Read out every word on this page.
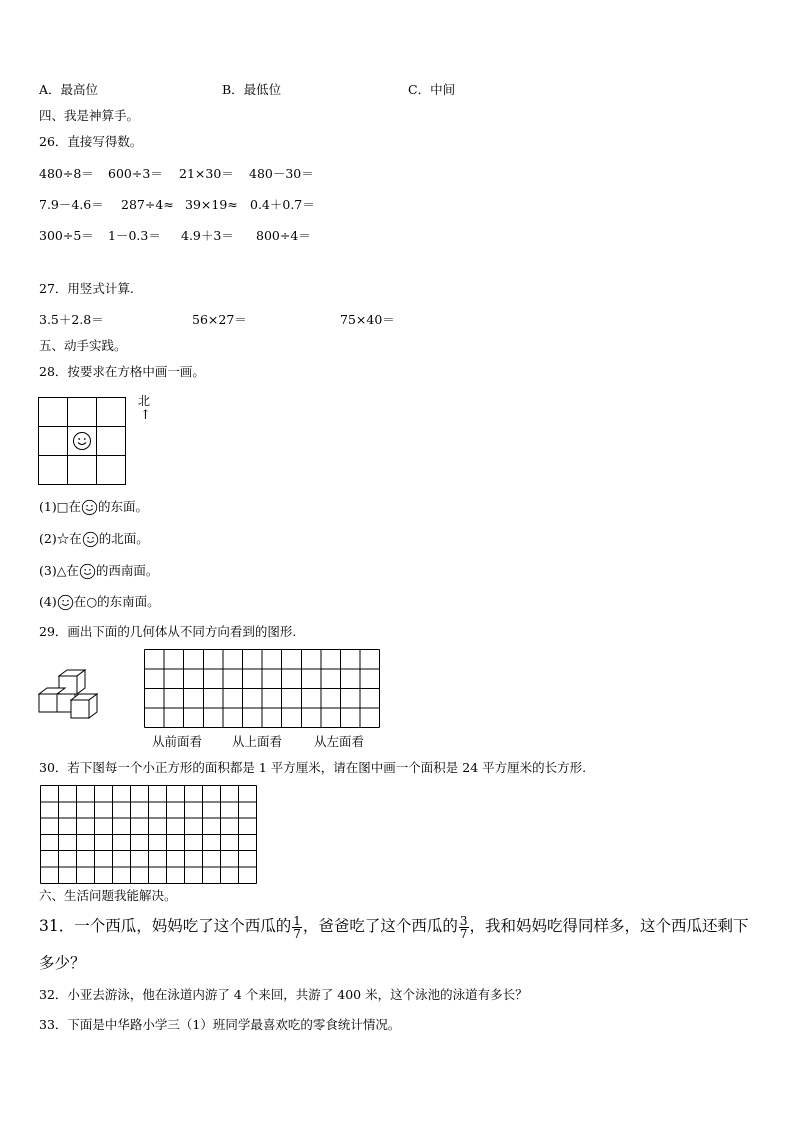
A．最高位	B．最低位	C．中间
四、我是神算手。
26．直接写得数。
480÷8＝ 600÷3＝ 21×30＝ 480－30＝
7.9－4.6＝ 287÷4≈ 39×19≈ 0.4＋0.7＝
300÷5＝ 1－0.3＝ 4.9＋3＝ 800÷4＝
27．用竖式计算.
3.5＋2.8＝	56×27＝	75×40＝
五、动手实践。
28．按要求在方格中画一画。

北
↑
(1)□在 的东面。
(2)☆在 的北面。
(3)△在 的西南面。
(4) 在○的东南面。
29．画出下面的几何体从不同方向看到的图形.
从前面看 从上面看	从左面看
30．若下图每一个小正方形的面积都是 1 平方厘米，请在图中画一个面积是 24 平方厘米的长方形.
六、生活问题我能解决。
31．一个西瓜，妈妈吃了这个西瓜的 $\frac{1}{7}$ ，爸爸吃了这个西瓜的 $\frac{3}{7}$ ，我和妈妈吃得同样多，这个西瓜还剩下
多少？
32．小亚去游泳，他在泳道内游了 4 个来回，共游了 400 米，这个泳池的泳道有多长？
33．下面是中华路小学三（1）班同学最喜欢吃的零食统计情况。
